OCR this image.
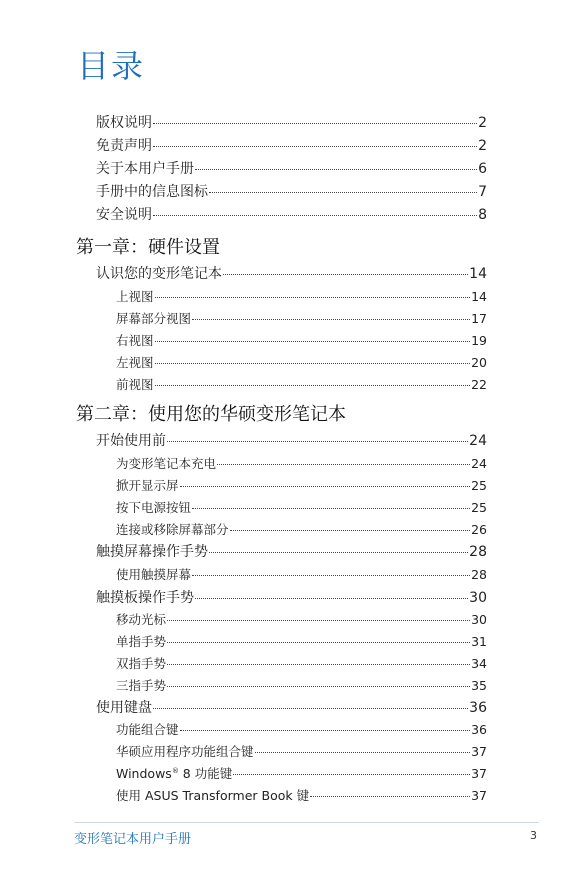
目录
版权说明	2
免责声明	2
关于本用户手册	6
手册中的信息图标	7
安全说明	8
第一章：硬件设置
认识您的变形笔记本	14
上视图	14
屏幕部分视图	17
右视图	19
左视图	20
前视图	22
第二章：使用您的华硕变形笔记本
开始使用前	24
为变形笔记本充电	24
掀开显示屏	25
按下电源按钮	25
连接或移除屏幕部分	26
触摸屏幕操作手势	28
使用触摸屏幕	28
触摸板操作手势	30
移动光标	30
单指手势	31
双指手势	34
三指手势	35
使用键盘	36
功能组合键	36
华硕应用程序功能组合键	37
Windows® 8 功能键	37
使用 ASUS Transformer Book 键	37
变形笔记本用户手册	3
